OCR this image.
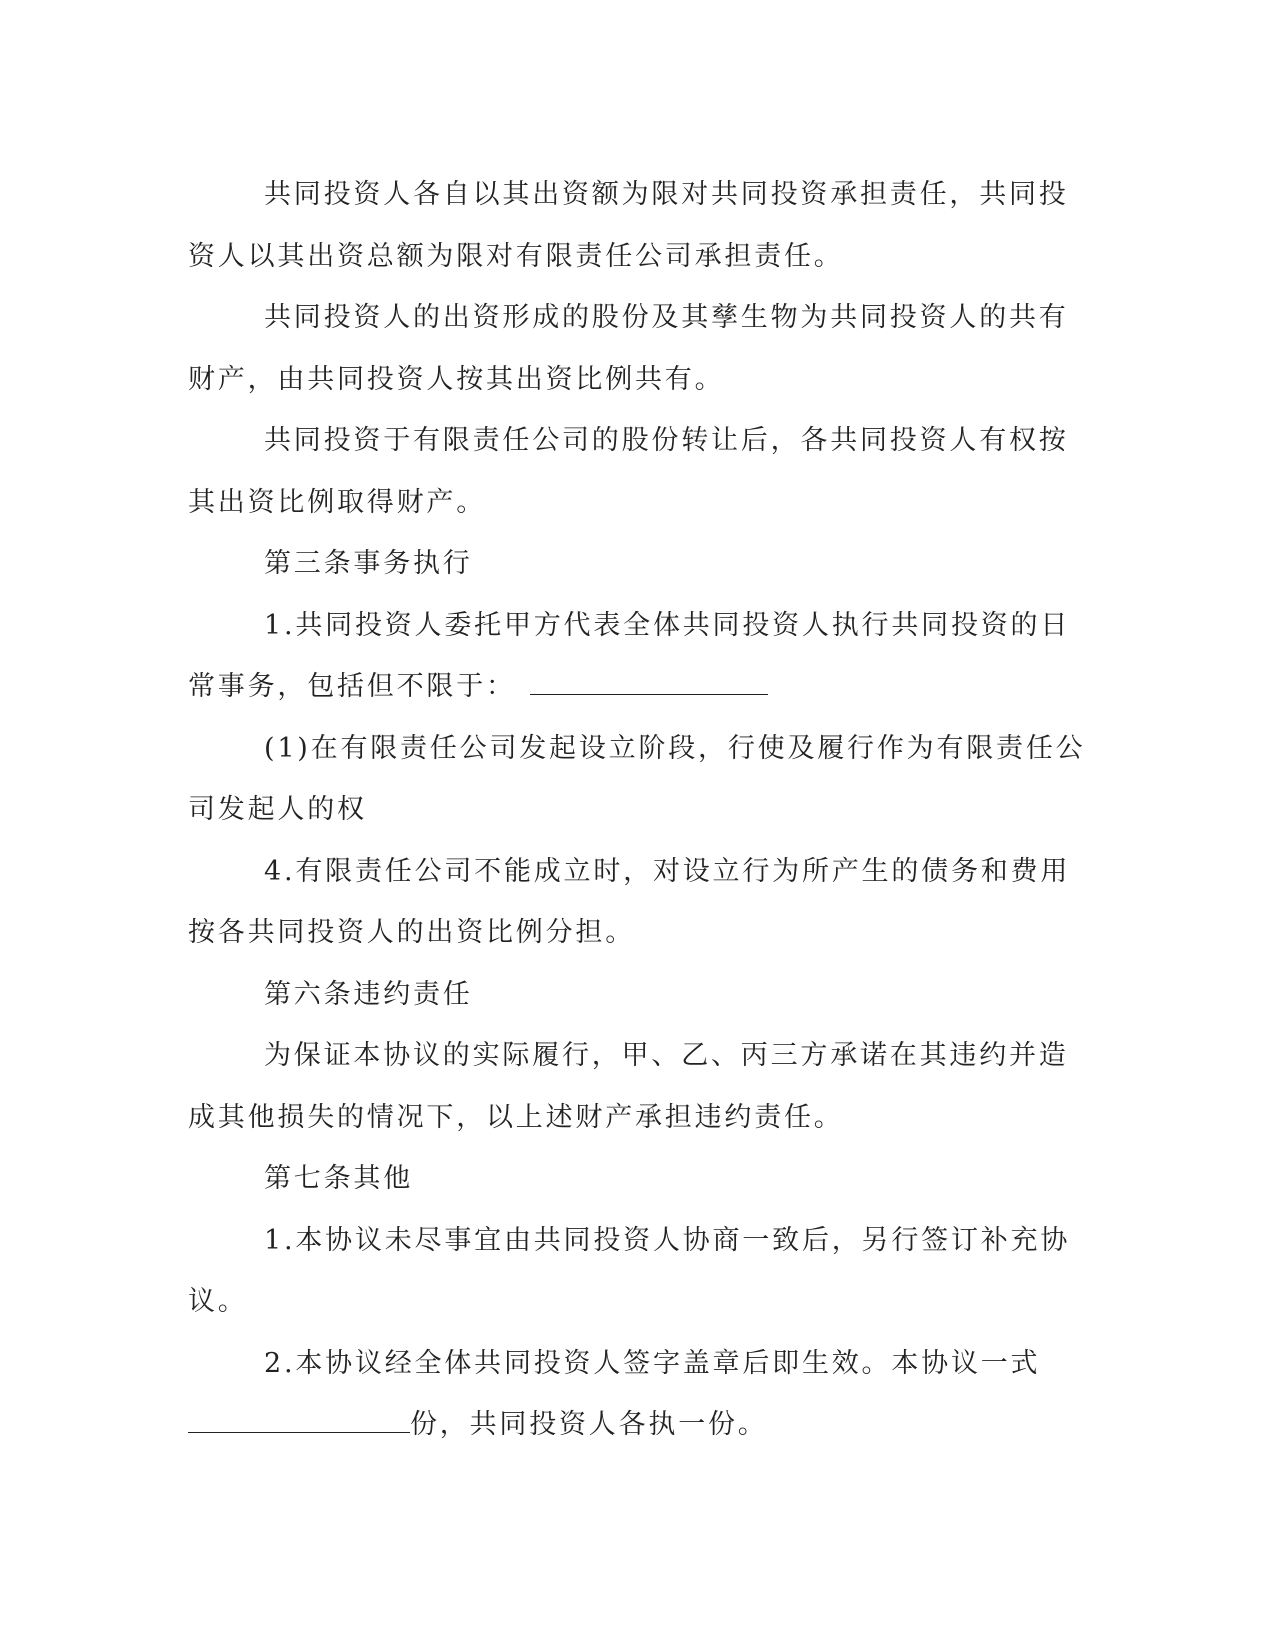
共同投资人各自以其出资额为限对共同投资承担责任，共同投资人以其出资总额为限对有限责任公司承担责任。

共同投资人的出资形成的股份及其孳生物为共同投资人的共有财产，由共同投资人按其出资比例共有。

共同投资于有限责任公司的股份转让后，各共同投资人有权按其出资比例取得财产。

第三条事务执行

1.共同投资人委托甲方代表全体共同投资人执行共同投资的日常事务，包括但不限于：

(1)在有限责任公司发起设立阶段，行使及履行作为有限责任公司发起人的权

4.有限责任公司不能成立时，对设立行为所产生的债务和费用按各共同投资人的出资比例分担。

第六条违约责任

为保证本协议的实际履行，甲、乙、丙三方承诺在其违约并造成其他损失的情况下，以上述财产承担违约责任。

第七条其他

1.本协议未尽事宜由共同投资人协商一致后，另行签订补充协议。

2.本协议经全体共同投资人签字盖章后即生效。本协议一式

份，共同投资人各执一份。
